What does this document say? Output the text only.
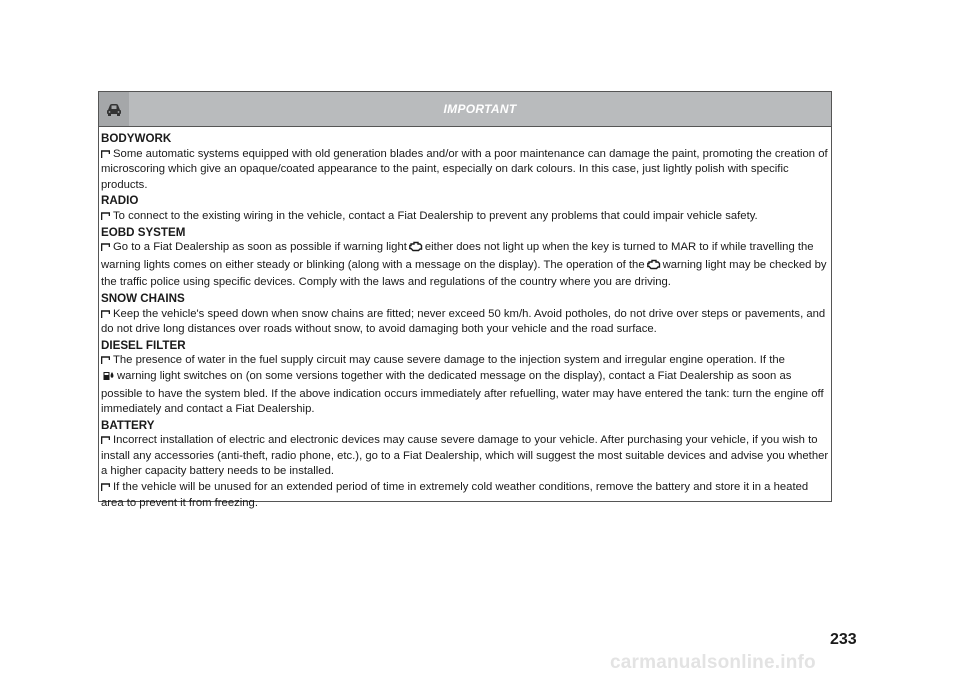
IMPORTANT
BODYWORK

Some automatic systems equipped with old generation blades and/or with a poor maintenance can damage the paint, promoting the creation of microscoring which give an opaque/coated appearance to the paint, especially on dark colours. In this case, just lightly polish with specific products.

RADIO

To connect to the existing wiring in the vehicle, contact a Fiat Dealership to prevent any problems that could impair vehicle safety.

EOBD SYSTEM

Go to a Fiat Dealership as soon as possible if warning light either does not light up when the key is turned to MAR to if while travelling the warning lights comes on either steady or blinking (along with a message on the display). The operation of the warning light may be checked by the traffic police using specific devices. Comply with the laws and regulations of the country where you are driving.

SNOW CHAINS

Keep the vehicle's speed down when snow chains are fitted; never exceed 50 km/h. Avoid potholes, do not drive over steps or pavements, and do not drive long distances over roads without snow, to avoid damaging both your vehicle and the road surface.

DIESEL FILTER

The presence of water in the fuel supply circuit may cause severe damage to the injection system and irregular engine operation. If the
warning light switches on (on some versions together with the dedicated message on the display), contact a Fiat Dealership as soon as possible to have the system bled. If the above indication occurs immediately after refuelling, water may have entered the tank: turn the engine off immediately and contact a Fiat Dealership.

BATTERY

Incorrect installation of electric and electronic devices may cause severe damage to your vehicle. After purchasing your vehicle, if you wish to install any accessories (anti-theft, radio phone, etc.), go to a Fiat Dealership, which will suggest the most suitable devices and advise you whether a higher capacity battery needs to be installed.

If the vehicle will be unused for an extended period of time in extremely cold weather conditions, remove the battery and store it in a heated area to prevent it from freezing.

233
carmanualsonline.info
